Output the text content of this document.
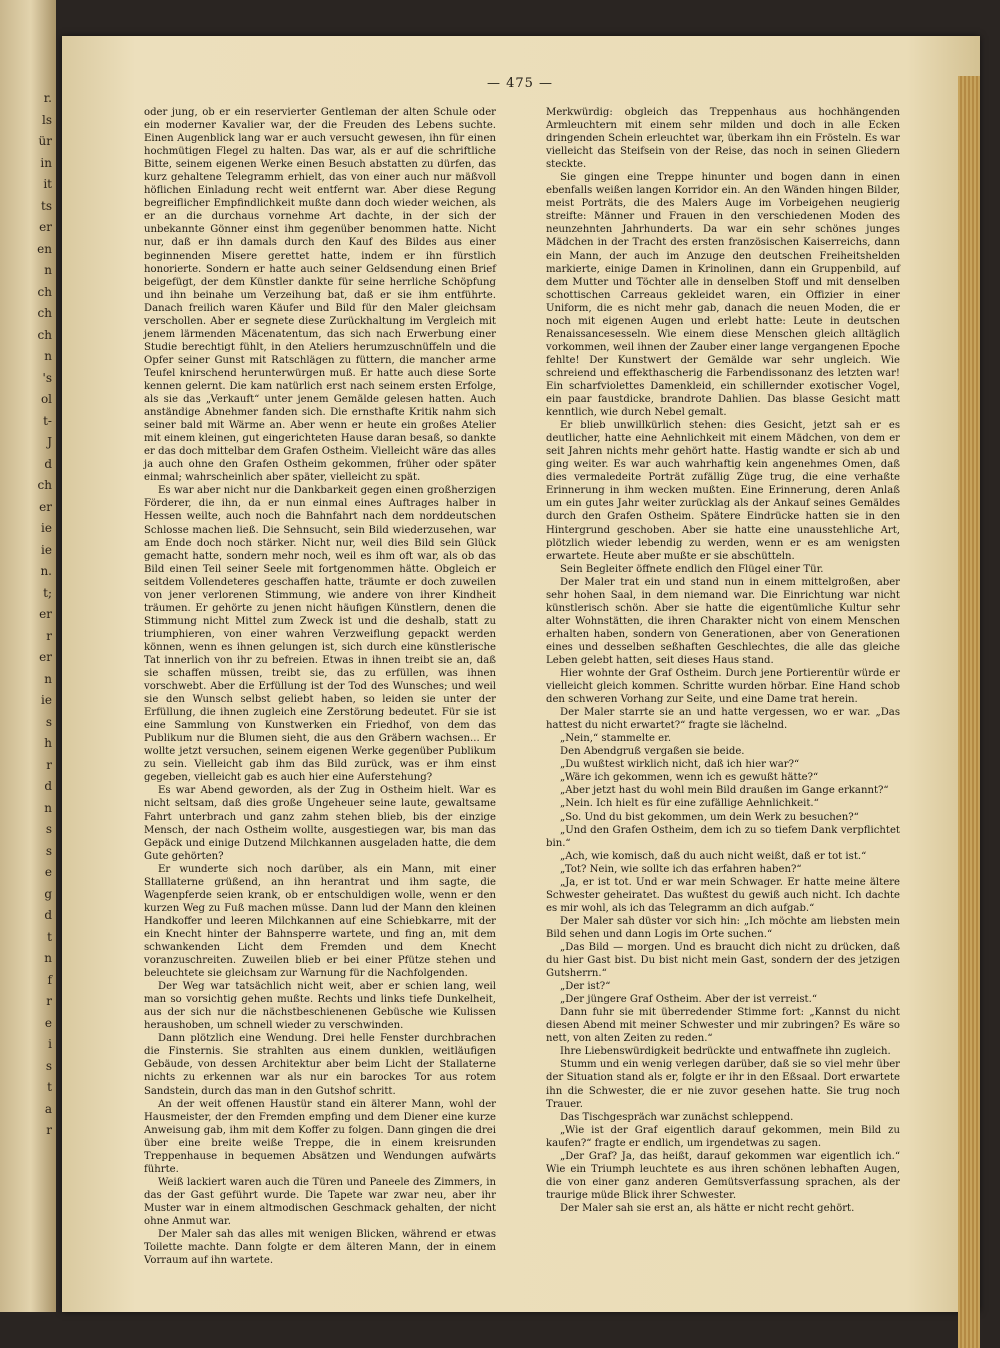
r.
ls
ür
in
it
ts
er
en
n
ch
ch
ch
n
's
ol
t-
J
d
ch
er
ie
ie
n.
t;
er
r
er
n
ie
s
h
r
d
n
s
s
e
g
d
t
n
f
r
e
i
s
t
a
r
— 475 —

oder jung, ob er ein reservierter Gentleman der alten Schule oder ein moderner Kavalier war, der die Freuden des Lebens suchte. Einen Augenblick lang war er auch versucht gewesen, ihn für einen hochmütigen Flegel zu halten. Das war, als er auf die schriftliche Bitte, seinem eigenen Werke einen Besuch abstatten zu dürfen, das kurz gehaltene Telegramm erhielt, das von einer auch nur mäßvoll höflichen Einladung recht weit entfernt war. Aber diese Regung begreiflicher Empfindlichkeit mußte dann doch wieder weichen, als er an die durchaus vornehme Art dachte, in der sich der unbekannte Gönner einst ihm gegenüber benommen hatte. Nicht nur, daß er ihn damals durch den Kauf des Bildes aus einer beginnenden Misere gerettet hatte, indem er ihn fürstlich honorierte. Sondern er hatte auch seiner Geldsendung einen Brief beigefügt, der dem Künstler dankte für seine herrliche Schöpfung und ihn beinahe um Verzeihung bat, daß er sie ihm entführte. Danach freilich waren Käufer und Bild für den Maler gleichsam verschollen. Aber er segnete diese Zurückhaltung im Vergleich mit jenem lärmenden Mäcenatentum, das sich nach Erwerbung einer Studie berechtigt fühlt, in den Ateliers herumzuschnüffeln und die Opfer seiner Gunst mit Ratschlägen zu füttern, die mancher arme Teufel knirschend herunterwürgen muß. Er hatte auch diese Sorte kennen gelernt. Die kam natürlich erst nach seinem ersten Erfolge, als sie das „Verkauft“ unter jenem Gemälde gelesen hatten. Auch anständige Abnehmer fanden sich. Die ernsthafte Kritik nahm sich seiner bald mit Wärme an. Aber wenn er heute ein großes Atelier mit einem kleinen, gut eingerichteten Hause daran besaß, so dankte er das doch mittelbar dem Grafen Ostheim. Vielleicht wäre das alles ja auch ohne den Grafen Ostheim gekommen, früher oder später einmal; wahrscheinlich aber später, vielleicht zu spät.

Es war aber nicht nur die Dankbarkeit gegen einen großherzigen Förderer, die ihn, da er nun einmal eines Auftrages halber in Hessen weilte, auch noch die Bahnfahrt nach dem norddeutschen Schlosse machen ließ. Die Sehnsucht, sein Bild wiederzusehen, war am Ende doch noch stärker. Nicht nur, weil dies Bild sein Glück gemacht hatte, sondern mehr noch, weil es ihm oft war, als ob das Bild einen Teil seiner Seele mit fortgenommen hätte. Obgleich er seitdem Vollendeteres geschaffen hatte, träumte er doch zuweilen von jener verlorenen Stimmung, wie andere von ihrer Kindheit träumen. Er gehörte zu jenen nicht häufigen Künstlern, denen die Stimmung nicht Mittel zum Zweck ist und die deshalb, statt zu triumphieren, von einer wahren Verzweiflung gepackt werden können, wenn es ihnen gelungen ist, sich durch eine künstlerische Tat innerlich von ihr zu befreien. Etwas in ihnen treibt sie an, daß sie schaffen müssen, treibt sie, das zu erfüllen, was ihnen vorschwebt. Aber die Erfüllung ist der Tod des Wunsches; und weil sie den Wunsch selbst geliebt haben, so leiden sie unter der Erfüllung, die ihnen zugleich eine Zerstörung bedeutet. Für sie ist eine Sammlung von Kunstwerken ein Friedhof, von dem das Publikum nur die Blumen sieht, die aus den Gräbern wachsen... Er wollte jetzt versuchen, seinem eigenen Werke gegenüber Publikum zu sein. Vielleicht gab ihm das Bild zurück, was er ihm einst gegeben, vielleicht gab es auch hier eine Auferstehung?

Es war Abend geworden, als der Zug in Ostheim hielt. War es nicht seltsam, daß dies große Ungeheuer seine laute, gewaltsame Fahrt unterbrach und ganz zahm stehen blieb, bis der einzige Mensch, der nach Ostheim wollte, ausgestiegen war, bis man das Gepäck und einige Dutzend Milchkannen ausgeladen hatte, die dem Gute gehörten?

Er wunderte sich noch darüber, als ein Mann, mit einer Stalllaterne grüßend, an ihn herantrat und ihm sagte, die Wagenpferde seien krank, ob er entschuldigen wolle, wenn er den kurzen Weg zu Fuß machen müsse. Dann lud der Mann den kleinen Handkoffer und leeren Milchkannen auf eine Schiebkarre, mit der ein Knecht hinter der Bahnsperre wartete, und fing an, mit dem schwankenden Licht dem Fremden und dem Knecht voranzuschreiten. Zuweilen blieb er bei einer Pfütze stehen und beleuchtete sie gleichsam zur Warnung für die Nachfolgenden.

Der Weg war tatsächlich nicht weit, aber er schien lang, weil man so vorsichtig gehen mußte. Rechts und links tiefe Dunkelheit, aus der sich nur die nächstbeschienenen Gebüsche wie Kulissen heraushoben, um schnell wieder zu verschwinden.

Dann plötzlich eine Wendung. Drei helle Fenster durchbrachen die Finsternis. Sie strahlten aus einem dunklen, weitläufigen Gebäude, von dessen Architektur aber beim Licht der Stallaterne nichts zu erkennen war als nur ein barockes Tor aus rotem Sandstein, durch das man in den Gutshof schritt.

An der weit offenen Haustür stand ein älterer Mann, wohl der Hausmeister, der den Fremden empfing und dem Diener eine kurze Anweisung gab, ihm mit dem Koffer zu folgen. Dann gingen die drei über eine breite weiße Treppe, die in einem kreisrunden Treppenhause in bequemen Absätzen und Wendungen aufwärts führte.

Weiß lackiert waren auch die Türen und Paneele des Zimmers, in das der Gast geführt wurde. Die Tapete war zwar neu, aber ihr Muster war in einem altmodischen Geschmack gehalten, der nicht ohne Anmut war.

Der Maler sah das alles mit wenigen Blicken, während er etwas Toilette machte. Dann folgte er dem älteren Mann, der in einem Vorraum auf ihn wartete.

Merkwürdig: obgleich das Treppenhaus aus hochhängenden Armleuchtern mit einem sehr milden und doch in alle Ecken dringenden Schein erleuchtet war, überkam ihn ein Frösteln. Es war vielleicht das Steifsein von der Reise, das noch in seinen Gliedern steckte.

Sie gingen eine Treppe hinunter und bogen dann in einen ebenfalls weißen langen Korridor ein. An den Wänden hingen Bilder, meist Porträts, die des Malers Auge im Vorbeigehen neugierig streifte: Männer und Frauen in den verschiedenen Moden des neunzehnten Jahrhunderts. Da war ein sehr schönes junges Mädchen in der Tracht des ersten französischen Kaiserreichs, dann ein Mann, der auch im Anzuge den deutschen Freiheitshelden markierte, einige Damen in Krinolinen, dann ein Gruppenbild, auf dem Mutter und Töchter alle in denselben Stoff und mit denselben schottischen Carreaus gekleidet waren, ein Offizier in einer Uniform, die es nicht mehr gab, danach die neuen Moden, die er noch mit eigenen Augen und erlebt hatte: Leute in deutschen Renaissancesesseln. Wie einem diese Menschen gleich alltäglich vorkommen, weil ihnen der Zauber einer lange vergangenen Epoche fehlte! Der Kunstwert der Gemälde war sehr ungleich. Wie schreiend und effekthascherig die Farbendissonanz des letzten war! Ein scharfviolettes Damenkleid, ein schillernder exotischer Vogel, ein paar faustdicke, brandrote Dahlien. Das blasse Gesicht matt kenntlich, wie durch Nebel gemalt.

Er blieb unwillkürlich stehen: dies Gesicht, jetzt sah er es deutlicher, hatte eine Aehnlichkeit mit einem Mädchen, von dem er seit Jahren nichts mehr gehört hatte. Hastig wandte er sich ab und ging weiter. Es war auch wahrhaftig kein angenehmes Omen, daß dies vermaledeite Porträt zufällig Züge trug, die eine verhaßte Erinnerung in ihm wecken mußten. Eine Erinnerung, deren Anlaß um ein gutes Jahr weiter zurücklag als der Ankauf seines Gemäldes durch den Grafen Ostheim. Spätere Eindrücke hatten sie in den Hintergrund geschoben. Aber sie hatte eine unausstehliche Art, plötzlich wieder lebendig zu werden, wenn er es am wenigsten erwartete. Heute aber mußte er sie abschütteln.

Sein Begleiter öffnete endlich den Flügel einer Tür.

Der Maler trat ein und stand nun in einem mittelgroßen, aber sehr hohen Saal, in dem niemand war. Die Einrichtung war nicht künstlerisch schön. Aber sie hatte die eigentümliche Kultur sehr alter Wohnstätten, die ihren Charakter nicht von einem Menschen erhalten haben, sondern von Generationen, aber von Generationen eines und desselben seßhaften Geschlechtes, die alle das gleiche Leben gelebt hatten, seit dieses Haus stand.

Hier wohnte der Graf Ostheim. Durch jene Portierentür würde er vielleicht gleich kommen. Schritte wurden hörbar. Eine Hand schob den schweren Vorhang zur Seite, und eine Dame trat herein.

Der Maler starrte sie an und hatte vergessen, wo er war. „Das hattest du nicht erwartet?“ fragte sie lächelnd.

„Nein,“ stammelte er.

Den Abendgruß vergaßen sie beide.

„Du wußtest wirklich nicht, daß ich hier war?“

„Wäre ich gekommen, wenn ich es gewußt hätte?“

„Aber jetzt hast du wohl mein Bild draußen im Gange erkannt?“

„Nein. Ich hielt es für eine zufällige Aehnlichkeit.“

„So. Und du bist gekommen, um dein Werk zu besuchen?“

„Und den Grafen Ostheim, dem ich zu so tiefem Dank verpflichtet bin.“

„Ach, wie komisch, daß du auch nicht weißt, daß er tot ist.“

„Tot? Nein, wie sollte ich das erfahren haben?“

„Ja, er ist tot. Und er war mein Schwager. Er hatte meine ältere Schwester geheiratet. Das wußtest du gewiß auch nicht. Ich dachte es mir wohl, als ich das Telegramm an dich aufgab.“

Der Maler sah düster vor sich hin: „Ich möchte am liebsten mein Bild sehen und dann Logis im Orte suchen.“

„Das Bild — morgen. Und es braucht dich nicht zu drücken, daß du hier Gast bist. Du bist nicht mein Gast, sondern der des jetzigen Gutsherrn.“

„Der ist?“

„Der jüngere Graf Ostheim. Aber der ist verreist.“

Dann fuhr sie mit überredender Stimme fort: „Kannst du nicht diesen Abend mit meiner Schwester und mir zubringen? Es wäre so nett, von alten Zeiten zu reden.“

Ihre Liebenswürdigkeit bedrückte und entwaffnete ihn zugleich.

Stumm und ein wenig verlegen darüber, daß sie so viel mehr über der Situation stand als er, folgte er ihr in den Eßsaal. Dort erwartete ihn die Schwester, die er nie zuvor gesehen hatte. Sie trug noch Trauer.

Das Tischgespräch war zunächst schleppend.

„Wie ist der Graf eigentlich darauf gekommen, mein Bild zu kaufen?“ fragte er endlich, um irgendetwas zu sagen.

„Der Graf? Ja, das heißt, darauf gekommen war eigentlich ich.“ Wie ein Triumph leuchtete es aus ihren schönen lebhaften Augen, die von einer ganz anderen Gemütsverfassung sprachen, als der traurige müde Blick ihrer Schwester.

Der Maler sah sie erst an, als hätte er nicht recht gehört.
